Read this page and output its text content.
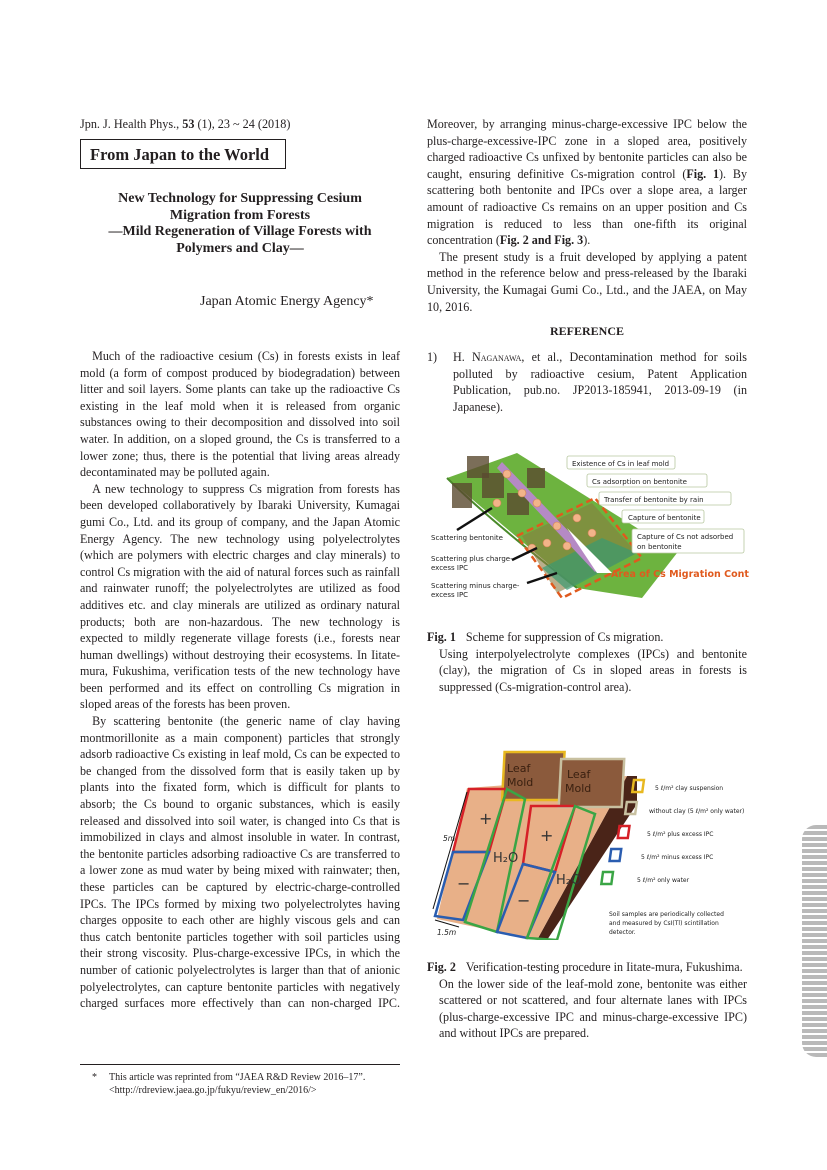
Jpn. J. Health Phys., 53 (1), 23 ~ 24 (2018)
From Japan to the World
New Technology for Suppressing Cesium
Migration from Forests
—Mild Regeneration of Village Forests with
Polymers and Clay—
Japan Atomic Energy Agency*

Much of the radioactive cesium (Cs) in forests exists in leaf mold (a form of compost produced by biodegradation) between litter and soil layers. Some plants can take up the radioactive Cs existing in the leaf mold when it is released from organic substances owing to their decomposition and dissolved into soil water. In addition, on a sloped ground, the Cs is transferred to a lower zone; thus, there is the potential that living areas already decontaminated may be polluted again.

A new technology to suppress Cs migration from forests has been developed collaboratively by Ibaraki University, Kumagai gumi Co., Ltd. and its group of company, and the Japan Atomic Energy Agency. The new technology using polyelectrolytes (which are polymers with electric charges and clay minerals) to control Cs migration with the aid of natural forces such as rainfall and rainwater runoff; the polyelectrolytes are utilized as food additives etc. and clay minerals are utilized as ordinary natural products; both are non-hazardous. The new technology is expected to mildly regenerate village forests (i.e., forests near human dwellings) without destroying their ecosystems. In Iitate-mura, Fukushima, verification tests of the new technology have been performed and its effect on controlling Cs migration in sloped areas of the forests has been proven.

By scattering bentonite (the generic name of clay having montmorillonite as a main component) particles that strongly adsorb radioactive Cs existing in leaf mold, Cs can be expected to be changed from the dissolved form that is easily taken up by plants into the fixated form, which is difficult for plants to absorb; the Cs bound to organic substances, which is easily released and dissolved into soil water, is changed into Cs that is immobilized in clays and almost insoluble in water. In contrast, the bentonite particles adsorbing radioactive Cs are transferred to a lower zone as mud water by being mixed with rainwater; then, these particles can be captured by electric-charge-controlled IPCs. The IPCs formed by mixing two polyelectrolytes having charges opposite to each other are highly viscous gels and can thus catch bentonite particles together with soil particles using their strong viscosity. Plus-charge-excessive IPCs, in which the number of cationic polyelectrolytes is larger than that of anionic polyelectrolytes, can capture bentonite particles with negatively charged surfaces more effectively than can non-charged IPC.

* This article was reprinted from “JAEA R&D Review 2016–17”.
<http://rdreview.jaea.go.jp/fukyu/review_en/2016/>

Moreover, by arranging minus-charge-excessive IPC below the plus-charge-excessive-IPC zone in a sloped area, positively charged radioactive Cs unfixed by bentonite particles can also be caught, ensuring definitive Cs-migration control (Fig. 1). By scattering both bentonite and IPCs over a slope area, a larger amount of radioactive Cs remains on an upper position and Cs migration is reduced to less than one-fifth its original concentration (Fig. 2 and Fig. 3).

The present study is a fruit developed by applying a patent method in the reference below and press-released by the Ibaraki University, the Kumagai Gumi Co., Ltd., and the JAEA, on May 10, 2016.

REFERENCE
1) H. Naganawa, et al., Decontamination method for soils polluted by radioactive cesium, Patent Application Publication, pub.no. JP2013-185941, 2013-09-19 (in Japanese).
Existence of Cs in leaf mold
Cs adsorption on bentonite
Transfer of bentonite by rain
Capture of bentonite
Capture of Cs not adsorbed
on bentonite
Scattering bentonite
Scattering plus charge-
excess IPC
Scattering minus charge-
excess IPC
Area of Cs Migration Control
Fig. 1 Scheme for suppression of Cs migration.
Using interpolyelectrolyte complexes (IPCs) and bentonite (clay), the migration of Cs in sloped areas in forests is suppressed (Cs-migration-control area).
Leaf
Mold
Leaf
Mold
+
−
H₂O
+
−
H₂O
5m
1.5m
5 ℓ/m² clay suspension
without clay (5 ℓ/m² only water)
5 ℓ/m² plus excess IPC
5 ℓ/m² minus excess IPC
5 ℓ/m² only water
Soil samples are periodically collected
and measured by CsI(Tl) scintillation
detector.
Fig. 2 Verification-testing procedure in Iitate-mura, Fukushima.
On the lower side of the leaf-mold zone, bentonite was either scattered or not scattered, and four alternate lanes with IPCs (plus-charge-excessive IPC and minus-charge-excessive IPC) and without IPCs are prepared.
